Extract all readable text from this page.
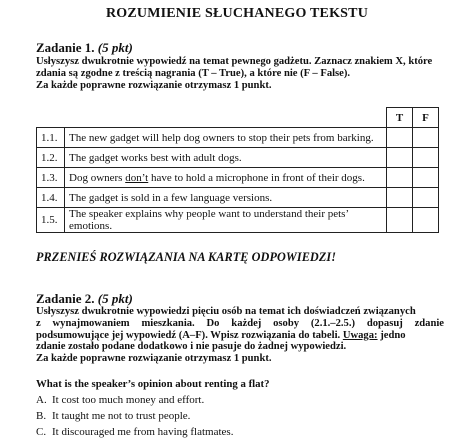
ROZUMIENIE SŁUCHANEGO TEKSTU
Zadanie 1. (5 pkt)

Usłyszysz dwukrotnie wypowiedź na temat pewnego gadżetu. Zaznacz znakiem X, które

zdania są zgodne z treścią nagrania (T – True), a które nie (F – False).

Za każde poprawne rozwiązanie otrzymasz 1 punkt.

		T	F
1.1.	The new gadget will help dog owners to stop their pets from barking.		
1.2.	The gadget works best with adult dogs.		
1.3.	Dog owners don’t have to hold a microphone in front of their dogs.		
1.4.	The gadget is sold in a few language versions.		
1.5.	The speaker explains why people want to understand their pets’ emotions.		
PRZENIEŚ ROZWIĄZANIA NA KARTĘ ODPOWIEDZI!
Zadanie 2. (5 pkt)

Usłyszysz dwukrotnie wypowiedzi pięciu osób na temat ich doświadczeń związanych

z wynajmowaniem mieszkania. Do każdej osoby (2.1.–2.5.) dopasuj zdanie

podsumowujące jej wypowiedź (A–F). Wpisz rozwiązania do tabeli. Uwaga: jedno

zdanie zostało podane dodatkowo i nie pasuje do żadnej wypowiedzi.

Za każde poprawne rozwiązanie otrzymasz 1 punkt.

What is the speaker’s opinion about renting a flat?
A. It cost too much money and effort.
B. It taught me not to trust people.
C. It discouraged me from having flatmates.
